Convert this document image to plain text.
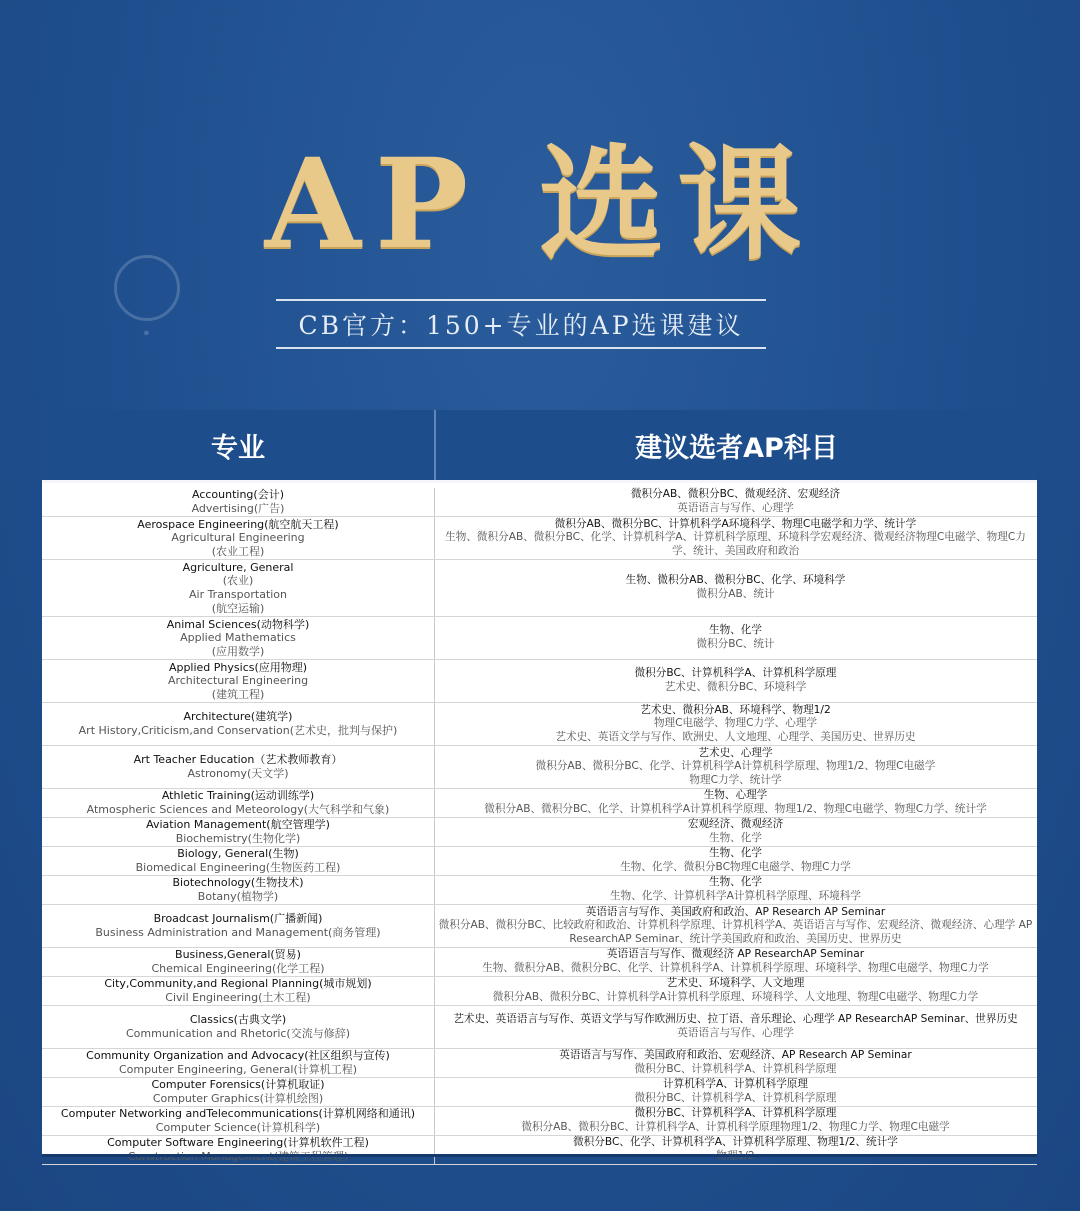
●
AP 选课
CB官方：150+专业的AP选课建议
专业	建议选者AP科目
Accounting(会计)
Advertising(广告)
微积分AB、微积分BC、微观经济、宏观经济
英语语言与写作、心理学
Aerospace Engineering(航空航天工程)
Agricultural Engineering
(农业工程)
微积分AB、微积分BC、计算机科学A环境科学、物理C电磁学和力学、统计学
生物、微积分AB、微积分BC、化学、计算机科学A、计算机科学原理、环境科学宏观经济、微观经济物理C电磁学、物理C力学、统计、美国政府和政治
Agriculture, General
(农业)
Air Transportation
(航空运输)
生物、微积分AB、微积分BC、化学、环境科学
微积分AB、统计
Animal Sciences(动物科学)
Applied Mathematics
(应用数学)
生物、化学
微积分BC、统计
Applied Physics(应用物理)
Architectural Engineering
(建筑工程)
微积分BC、计算机科学A、计算机科学原理
艺术史、微积分BC、环境科学
Architecture(建筑学)
Art History,Criticism,and Conservation(艺术史，批判与保护)
艺术史、微积分AB、环境科学、物理1/2
物理C电磁学、物理C力学、心理学
艺术史、英语文学与写作、欧洲史、人文地理、心理学、美国历史、世界历史
Art Teacher Education（艺术教师教育）
Astronomy(天文学)
艺术史、心理学
微积分AB、微积分BC、化学、计算机科学A计算机科学原理、物理1/2、物理C电磁学
物理C力学、统计学
Athletic Training(运动训练学)
Atmospheric Sciences and Meteorology(大气科学和气象)
生物、心理学
微积分AB、微积分BC、化学、计算机科学A计算机科学原理、物理1/2、物理C电磁学、物理C力学、统计学
Aviation Management(航空管理学)
Biochemistry(生物化学)
宏观经济、微观经济
生物、化学
Biology, General(生物)
Biomedical Engineering(生物医药工程)
生物、化学
生物、化学、微积分BC物理C电磁学、物理C力学
Biotechnology(生物技术)
Botany(植物学)
生物、化学
生物、化学、计算机科学A计算机科学原理、环境科学
Broadcast Journalism(广播新闻)
Business Administration and Management(商务管理)
英语语言与写作、美国政府和政治、AP Research AP Seminar
微积分AB、微积分BC、比较政府和政治、计算机科学原理、计算机科学A、英语语言与写作、宏观经济、微观经济、心理学 AP ResearchAP Seminar、统计学美国政府和政治、美国历史、世界历史
Business,General(贸易)
Chemical Engineering(化学工程)
英语语言与写作、微观经济 AP ResearchAP Seminar
生物、微积分AB、微积分BC、化学、计算机科学A、计算机科学原理、环境科学、物理C电磁学、物理C力学
City,Community,and Regional Planning(城市规划)
Civil Engineering(土木工程)
艺术史、环境科学、人文地理
微积分AB、微积分BC、计算机科学A计算机科学原理、环境科学、人文地理、物理C电磁学、物理C力学
Classics(古典文学)
Communication and Rhetoric(交流与修辞)
艺术史、英语语言与写作、英语文学与写作欧洲历史、拉丁语、音乐理论、心理学 AP ResearchAP Seminar、世界历史
英语语言与写作、心理学
Community Organization and Advocacy(社区组织与宣传)
Computer Engineering, General(计算机工程)
英语语言与写作、美国政府和政治、宏观经济、AP Research AP Seminar
微积分BC、计算机科学A、计算机科学原理
Computer Forensics(计算机取证)
Computer Graphics(计算机绘图)
计算机科学A、计算机科学原理
微积分BC、计算机科学A、计算机科学原理
Computer Networking andTelecommunications(计算机网络和通讯)
Computer Science(计算机科学)
微积分BC、计算机科学A、计算机科学原理
微积分AB、微积分BC、计算机科学A、计算机科学原理物理1/2、物理C力学、物理C电磁学
Computer Software Engineering(计算机软件工程)	微积分BC、化学、计算机科学A、计算机科学原理、物理1/2、统计学
